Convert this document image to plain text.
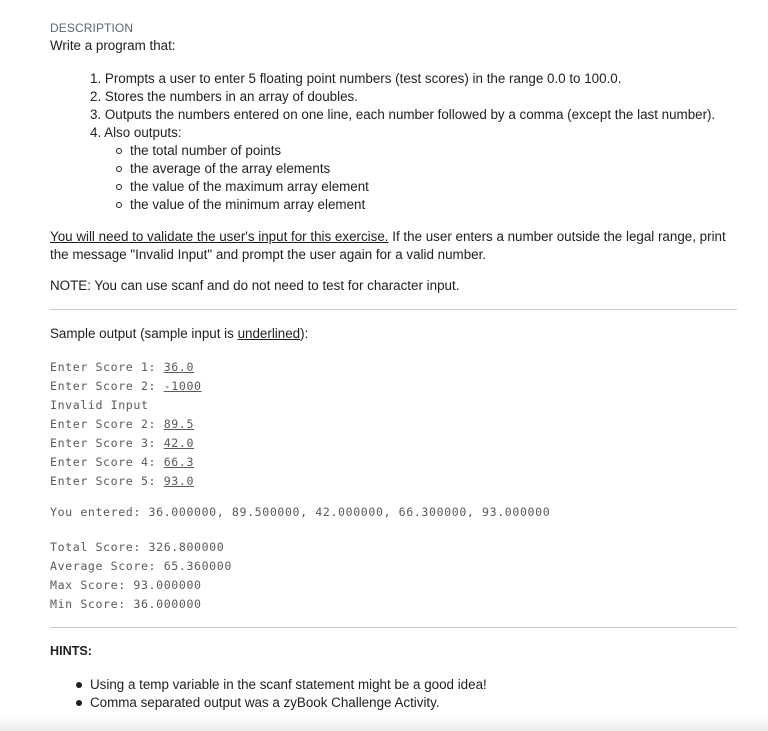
DESCRIPTION
Write a program that:
1. Prompts a user to enter 5 floating point numbers (test scores) in the range 0.0 to 100.0.
2. Stores the numbers in an array of doubles.
3. Outputs the numbers entered on one line, each number followed by a comma (except the last number).
4. Also outputs:
the total number of points
the average of the array elements
the value of the maximum array element
the value of the minimum array element
You will need to validate the user's input for this exercise. If the user enters a number outside the legal range, print the message "Invalid Input" and prompt the user again for a valid number.
NOTE: You can use scanf and do not need to test for character input.
Sample output (sample input is underlined):
Enter Score 1: 36.0
Enter Score 2: -1000
Invalid Input
Enter Score 2: 89.5
Enter Score 3: 42.0
Enter Score 4: 66.3
Enter Score 5: 93.0
You entered: 36.000000, 89.500000, 42.000000, 66.300000, 93.000000
Total Score: 326.800000
Average Score: 65.360000
Max Score: 93.000000
Min Score: 36.000000
HINTS:
Using a temp variable in the scanf statement might be a good idea!
Comma separated output was a zyBook Challenge Activity.
